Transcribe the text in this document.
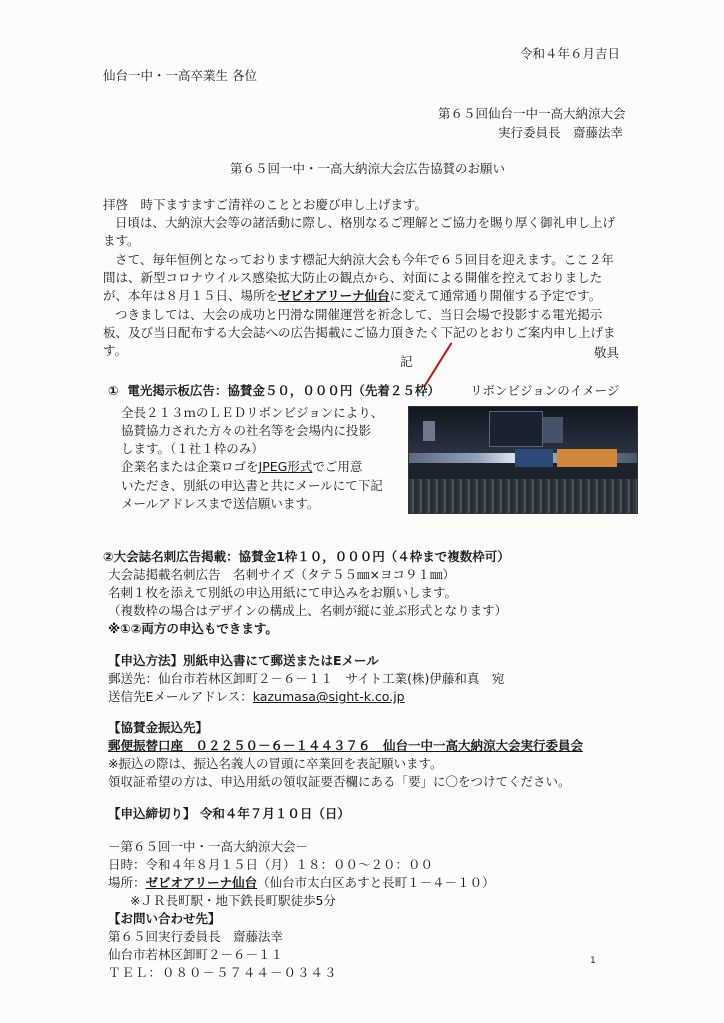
令和４年６月吉日
仙台一中・一高卒業生 各位
第６５回仙台一中一高大納涼大会
実行委員長　齋藤法幸
第６５回一中・一高大納涼大会広告協賛のお願い
拝啓　時下ますますご清祥のこととお慶び申し上げます。
日頃は、大納涼大会等の諸活動に際し、格別なるご理解とご協力を賜り厚く御礼申し上げます。
さて、毎年恒例となっております標記大納涼大会も今年で６５回目を迎えます。ここ２年間は、新型コロナウイルス感染拡大防止の観点から、対面による開催を控えておりましたが、本年は８月１５日、場所をゼビオアリーナ仙台に変えて通常通り開催する予定です。
つきましては、大会の成功と円滑な開催運営を祈念して、当日会場で投影する電光掲示板、及び当日配布する大会誌への広告掲載にご協力頂きたく下記のとおりご案内申し上げます。	敬具
記
リボンビジョンのイメージ
① 電光掲示板広告：協賛金５０，０００円（先着２５枠）
全長２１３ｍのＬＥＤリボンビジョンにより、
協賛協力された方々の社名等を会場内に投影
します。（１社１枠のみ）
企業名または企業ロゴをJPEG形式でご用意
いただき、別紙の申込書と共にメールにて下記
メールアドレスまで送信願います。
②大会誌名刺広告掲載：協賛金1枠１０，０００円（４枠まで複数枠可）
大会誌掲載名刺広告　名刺サイズ（タテ５５㎜×ヨコ９１㎜）
名刺１枚を添えて別紙の申込用紙にて申込みをお願いします。
（複数枠の場合はデザインの構成上、名刺が縦に並ぶ形式となります）
※①②両方の申込もできます。
【申込方法】別紙申込書にて郵送またはEメール
郵送先：仙台市若林区卸町２－６－１１　サイト工業(株)伊藤和真　宛
送信先Eメールアドレス：kazumasa@sight-k.co.jp
【協賛金振込先】
郵便振替口座　０２２５０－６－１４４３７６　仙台一中一高大納涼大会実行委員会
※振込の際は、振込名義人の冒頭に卒業回を表記願います。
領収証希望の方は、申込用紙の領収証要否欄にある「要」に〇をつけてください。
【申込締切り】 令和４年７月１０日（日）
－第６５回一中・一高大納涼大会－
日時：令和４年８月１５日（月）１８：００～２０：００
場所：ゼビオアリーナ仙台（仙台市太白区あすと長町１－４－１０）
※ＪＲ長町駅・地下鉄長町駅徒歩5分
【お問い合わせ先】
第６５回実行委員長　齋藤法幸
仙台市若林区卸町２－６－１１
ＴＥＬ：０８０－５７４４－０３４３
1
